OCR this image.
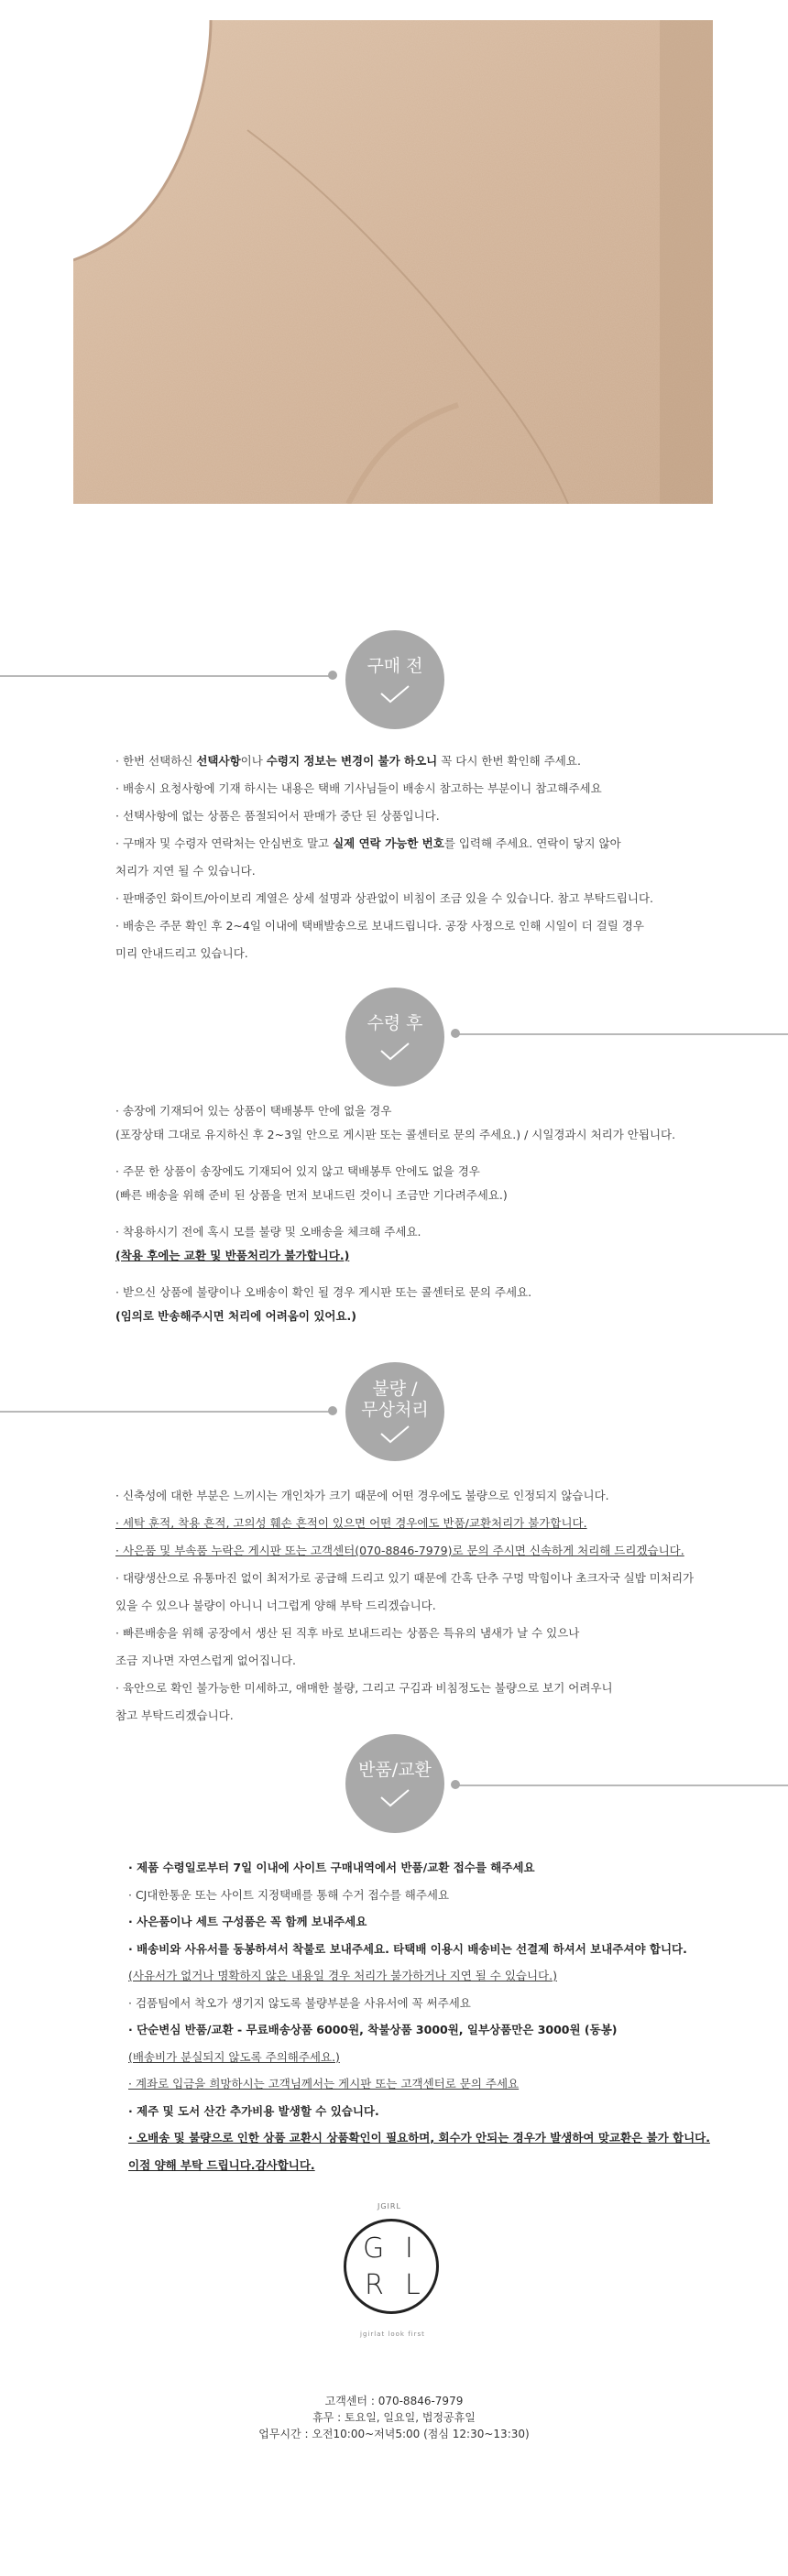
구매 전

· 한번 선택하신 선택사항이나 수령지 정보는 변경이 불가 하오니 꼭 다시 한번 확인해 주세요.

· 배송시 요청사항에 기재 하시는 내용은 택배 기사님들이 배송시 참고하는 부분이니 참고해주세요

· 선택사항에 없는 상품은 품절되어서 판매가 중단 된 상품입니다.

· 구매자 및 수령자 연락처는 안심번호 말고 실제 연락 가능한 번호를 입력해 주세요. 연락이 닿지 않아

처리가 지연 될 수 있습니다.

· 판매중인 화이트/아이보리 계열은 상세 설명과 상관없이 비침이 조금 있을 수 있습니다. 참고 부탁드립니다.

· 배송은 주문 확인 후 2~4일 이내에 택배발송으로 보내드립니다. 공장 사정으로 인해 시일이 더 걸릴 경우

미리 안내드리고 있습니다.

수령 후

· 송장에 기재되어 있는 상품이 택배봉투 안에 없을 경우

(포장상태 그대로 유지하신 후 2~3일 안으로 게시판 또는 콜센터로 문의 주세요.) / 시일경과시 처리가 안됩니다.

· 주문 한 상품이 송장에도 기재되어 있지 않고 택배봉투 안에도 없을 경우

(빠른 배송을 위해 준비 된 상품을 먼저 보내드린 것이니 조금만 기다려주세요.)

· 착용하시기 전에 혹시 모를 불량 및 오배송을 체크해 주세요.

(착용 후에는 교환 및 반품처리가 불가합니다.)

· 받으신 상품에 불량이나 오배송이 확인 될 경우 게시판 또는 콜센터로 문의 주세요.

(임의로 반송해주시면 처리에 어려움이 있어요.)

불량 /
무상처리

· 신축성에 대한 부분은 느끼시는 개인차가 크기 때문에 어떤 경우에도 불량으로 인정되지 않습니다.

· 세탁 훈적, 착용 흔적, 고의성 훼손 흔적이 있으면 어떤 경우에도 반품/교환처리가 불가합니다.

· 사은품 및 부속품 누락은 게시판 또는 고객센터(070-8846-7979)로 문의 주시면 신속하게 처리해 드리겠습니다.

· 대량생산으로 유통마진 없이 최저가로 공급해 드리고 있기 때문에 간혹 단추 구멍 막힘이나 초크자국 실밥 미처리가

있을 수 있으나 불량이 아니니 너그럽게 양해 부탁 드리겠습니다.

· 빠른배송을 위해 공장에서 생산 된 직후 바로 보내드리는 상품은 특유의 냄새가 날 수 있으나

조금 지나면 자연스럽게 없어집니다.

· 육안으로 확인 불가능한 미세하고, 애매한 불량, 그리고 구김과 비침정도는 불량으로 보기 어려우니

참고 부탁드리겠습니다.

반품/교환

· 제품 수령일로부터 7일 이내에 사이트 구매내역에서 반품/교환 접수를 해주세요

· CJ대한통운 또는 사이트 지정택배를 통해 수거 접수를 해주세요

· 사은품이나 세트 구성품은 꼭 함께 보내주세요

· 배송비와 사유서를 동봉하셔서 착불로 보내주세요. 타택배 이용시 배송비는 선결제 하셔서 보내주셔야 합니다.

(사유서가 없거나 명확하지 않은 내용일 경우 처리가 불가하거나 지연 될 수 있습니다.)

· 검품팀에서 착오가 생기지 않도록 불량부분을 사유서에 꼭 써주세요

· 단순변심 반품/교환 - 무료배송상품 6000원, 착불상품 3000원, 일부상품만은 3000원 (동봉)

(배송비가 분실되지 않도록 주의해주세요.)

· 계좌로 입금을 희망하시는 고객님께서는 게시판 또는 고객센터로 문의 주세요

· 제주 및 도서 산간 추가비용 발생할 수 있습니다.

· 오배송 및 불량으로 인한 상품 교환시 상품확인이 필요하며, 회수가 안되는 경우가 발생하여 맞교환은 불가 합니다.

이점 양해 부탁 드립니다.감사합니다.

JGIRL
G I
R L
jgirlat look first

고객센터 : 070-8846-7979

휴무 : 토요일, 일요일, 법정공휴일

업무시간 : 오전10:00~저녁5:00 (점심 12:30~13:30)
